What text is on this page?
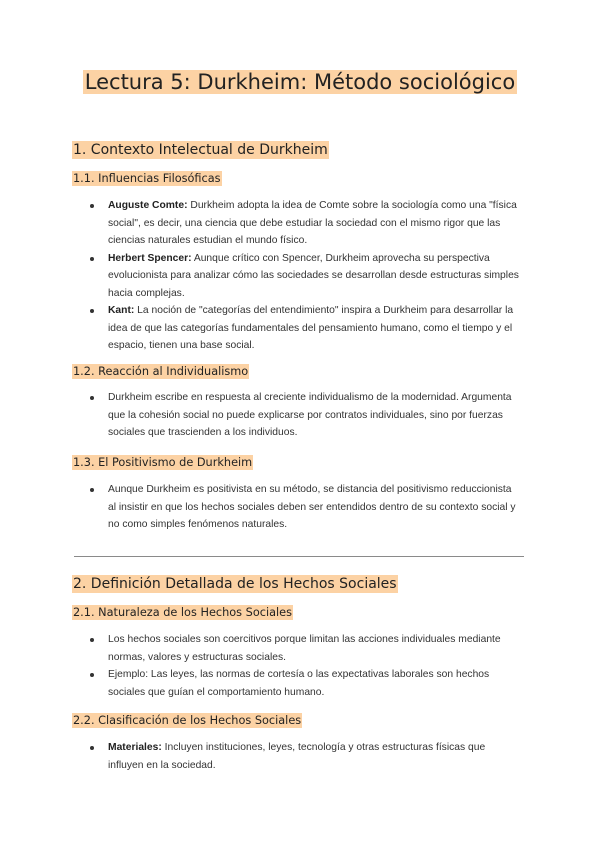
Lectura 5: Durkheim: Método sociológico
1. Contexto Intelectual de Durkheim
1.1. Influencias Filosóficas
Auguste Comte: Durkheim adopta la idea de Comte sobre la sociología como una "física social", es decir, una ciencia que debe estudiar la sociedad con el mismo rigor que las ciencias naturales estudian el mundo físico.
Herbert Spencer: Aunque crítico con Spencer, Durkheim aprovecha su perspectiva evolucionista para analizar cómo las sociedades se desarrollan desde estructuras simples hacia complejas.
Kant: La noción de "categorías del entendimiento" inspira a Durkheim para desarrollar la idea de que las categorías fundamentales del pensamiento humano, como el tiempo y el espacio, tienen una base social.
1.2. Reacción al Individualismo
Durkheim escribe en respuesta al creciente individualismo de la modernidad. Argumenta que la cohesión social no puede explicarse por contratos individuales, sino por fuerzas sociales que trascienden a los individuos.
1.3. El Positivismo de Durkheim
Aunque Durkheim es positivista en su método, se distancia del positivismo reduccionista al insistir en que los hechos sociales deben ser entendidos dentro de su contexto social y no como simples fenómenos naturales.
2. Definición Detallada de los Hechos Sociales
2.1. Naturaleza de los Hechos Sociales
Los hechos sociales son coercitivos porque limitan las acciones individuales mediante normas, valores y estructuras sociales.
Ejemplo: Las leyes, las normas de cortesía o las expectativas laborales son hechos sociales que guían el comportamiento humano.
2.2. Clasificación de los Hechos Sociales
Materiales: Incluyen instituciones, leyes, tecnología y otras estructuras físicas que influyen en la sociedad.
